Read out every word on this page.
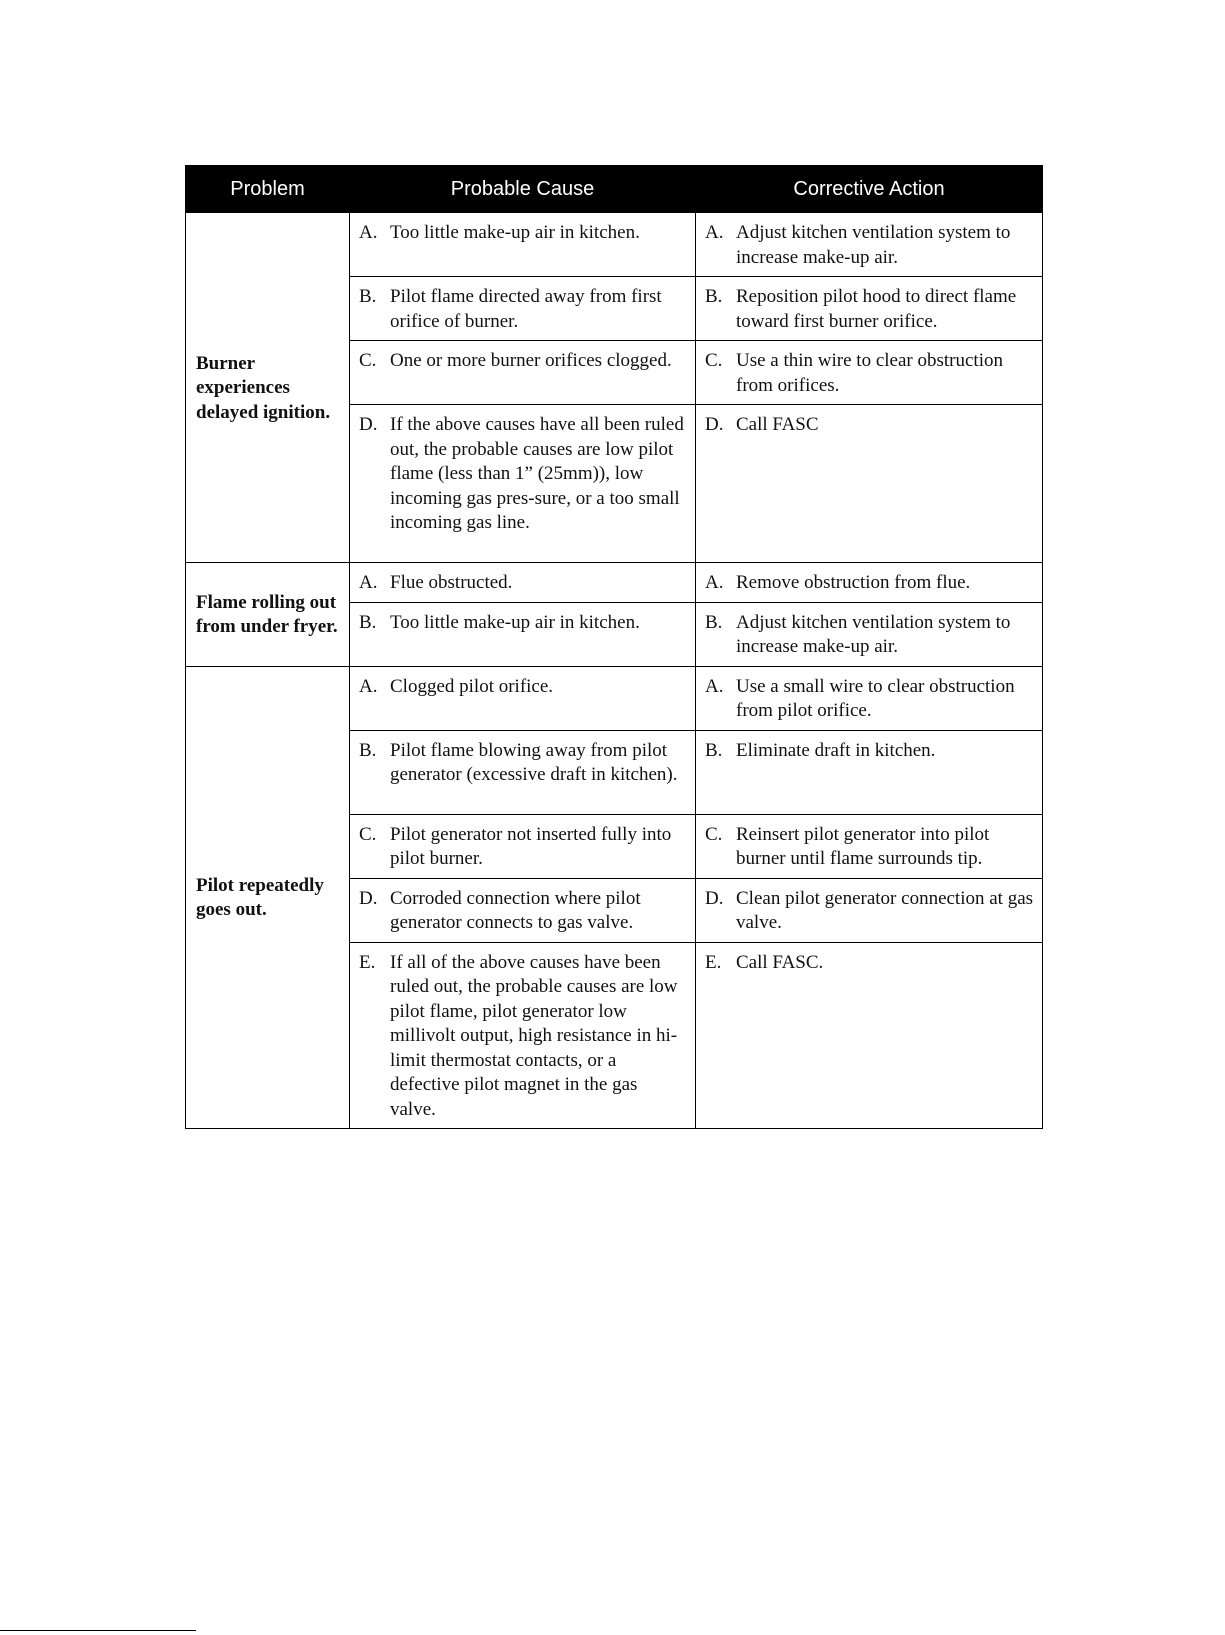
Problem	Probable Cause	Corrective Action
Burner experiences delayed ignition.	A. Too little make-up air in kitchen.	A. Adjust kitchen ventilation system to increase make-up air.

	B. Pilot flame directed away from first orifice of burner.	B. Reposition pilot hood to direct flame toward first burner orifice.

	C. One or more burner orifices clogged.	C. Use a thin wire to clear obstruction from orifices.

	D. If the above causes have all been ruled out, the probable causes are low pilot flame (less than 1” (25mm)), low incoming gas pres-sure, or a too small incoming gas line.	D. Call FASC

Flame rolling out from under fryer.	A. Flue obstructed.	A. Remove obstruction from flue.

	B. Too little make-up air in kitchen.	B. Adjust kitchen ventilation system to increase make-up air.

Pilot repeatedly goes out.	A. Clogged pilot orifice.	A. Use a small wire to clear obstruction from pilot orifice.

	B. Pilot flame blowing away from pilot generator (excessive draft in kitchen).	B. Eliminate draft in kitchen.

	C. Pilot generator not inserted fully into pilot burner.	C. Reinsert pilot generator into pilot burner until flame surrounds tip.

	D. Corroded connection where pilot generator connects to gas valve.	D. Clean pilot generator connection at gas valve.

	E. If all of the above causes have been ruled out, the probable causes are low pilot flame, pilot generator low millivolt output, high resistance in hi-limit thermostat contacts, or a defective pilot magnet in the gas valve.	E. Call FASC.
